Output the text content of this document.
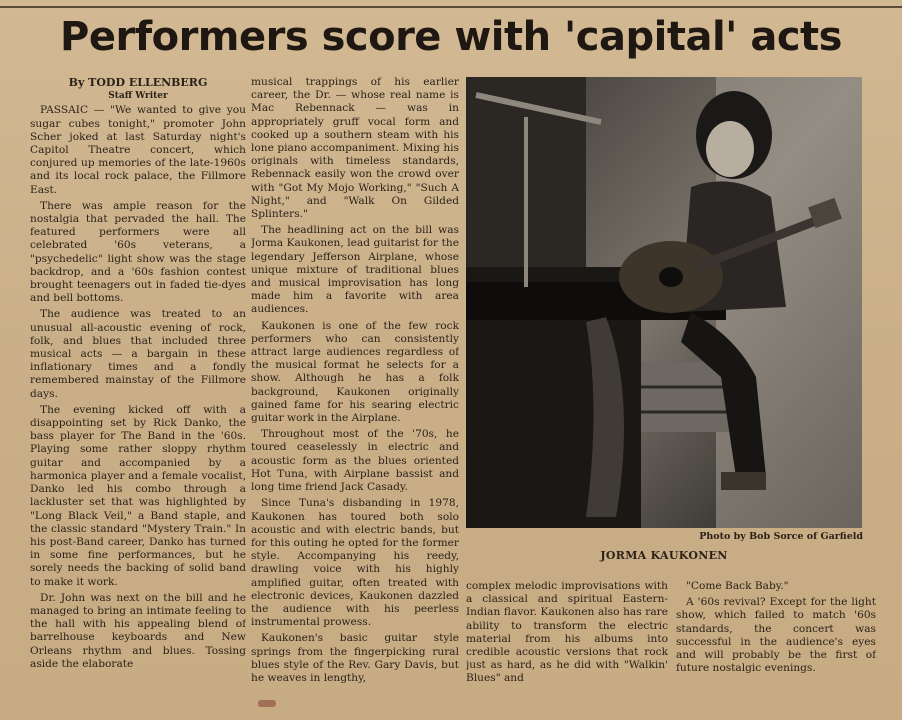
Performers score with 'capital' acts
By TODD ELLENBERG
Staff Writer

PASSAIC — "We wanted to give you sugar cubes tonight," promoter John Scher joked at last Saturday night's Capitol Theatre concert, which conjured up memories of the late-1960s and its local rock palace, the Fillmore East.

There was ample reason for the nostalgia that pervaded the hall. The featured performers were all celebrated '60s veterans, a "psychedelic" light show was the stage backdrop, and a '60s fashion contest brought teenagers out in faded tie-dyes and bell bottoms.

The audience was treated to an unusual all-acoustic evening of rock, folk, and blues that included three musical acts — a bargain in these inflationary times and a fondly remembered mainstay of the Fillmore days.

The evening kicked off with a disappointing set by Rick Danko, the bass player for The Band in the '60s. Playing some rather sloppy rhythm guitar and accompanied by a harmonica player and a female vocalist, Danko led his combo through a lackluster set that was highlighted by "Long Black Veil," a Band staple, and the classic standard "Mystery Train." In his post-Band career, Danko has turned in some fine performances, but he sorely needs the backing of solid band to make it work.

Dr. John was next on the bill and he managed to bring an intimate feeling to the hall with his appealing blend of barrelhouse keyboards and New Orleans rhythm and blues. Tossing aside the elaborate

musical trappings of his earlier career, the Dr. — whose real name is Mac Rebennack — was in appropriately gruff vocal form and cooked up a southern steam with his lone piano accompaniment. Mixing his originals with timeless standards, Rebennack easily won the crowd over with "Got My Mojo Working," "Such A Night," and "Walk On Gilded Splinters."

The headlining act on the bill was Jorma Kaukonen, lead guitarist for the legendary Jefferson Airplane, whose unique mixture of traditional blues and musical improvisation has long made him a favorite with area audiences.

Kaukonen is one of the few rock performers who can consistently attract large audiences regardless of the musical format he selects for a show. Although he has a folk background, Kaukonen originally gained fame for his searing electric guitar work in the Airplane.

Throughout most of the '70s, he toured ceaselessly in electric and acoustic form as the blues oriented Hot Tuna, with Airplane bassist and long time friend Jack Casady.

Since Tuna's disbanding in 1978, Kaukonen has toured both solo acoustic and with electric bands, but for this outing he opted for the former style. Accompanying his reedy, drawling voice with his highly amplified guitar, often treated with electronic devices, Kaukonen dazzled the audience with his peerless instrumental prowess.

Kaukonen's basic guitar style springs from the fingerpicking rural blues style of the Rev. Gary Davis, but he weaves in lengthy,

Photo by Bob Sorce of Garfield
JORMA KAUKONEN

complex melodic improvisations with a classical and spiritual Eastern-Indian flavor. Kaukonen also has rare ability to transform the electric material from his albums into credible acoustic versions that rock just as hard, as he did with "Walkin' Blues" and

"Come Back Baby."

A '60s revival? Except for the light show, which failed to match '60s standards, the concert was successful in the audience's eyes and will probably be the first of future nostalgic evenings.
